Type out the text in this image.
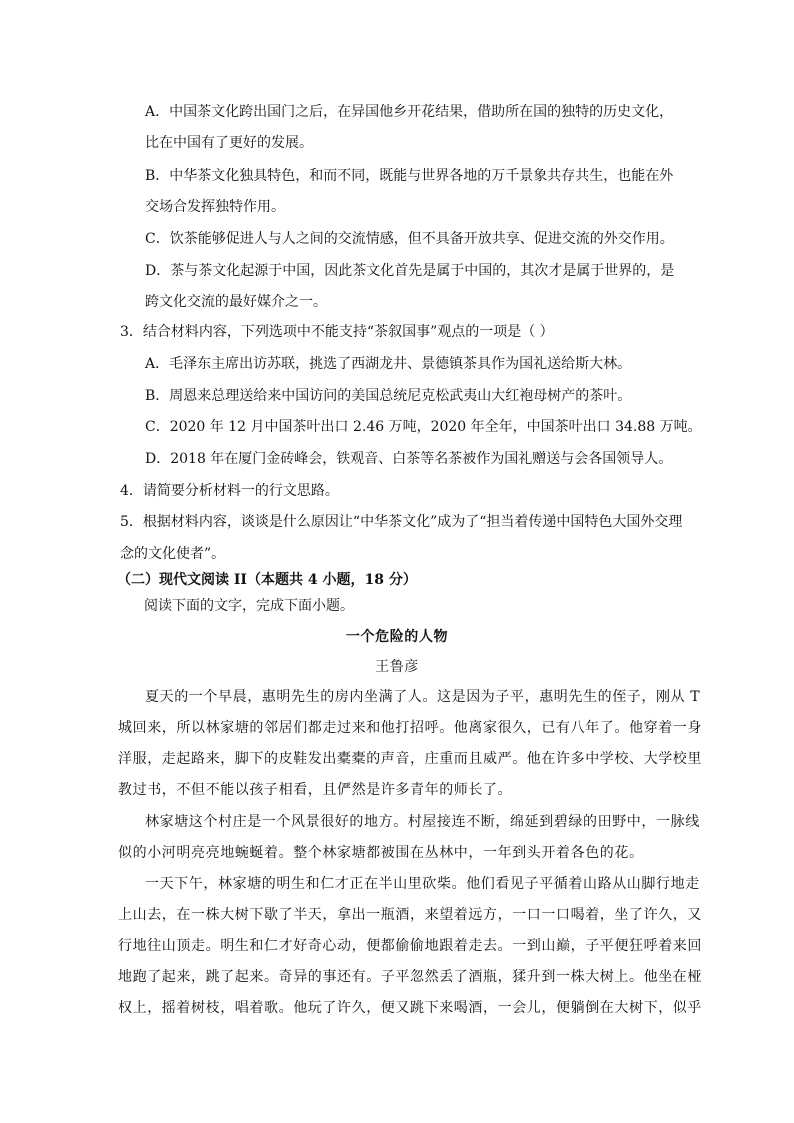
A．中国茶文化跨出国门之后，在异国他乡开花结果，借助所在国的独特的历史文化，
比在中国有了更好的发展。
B．中华茶文化独具特色，和而不同，既能与世界各地的万千景象共存共生，也能在外
交场合发挥独特作用。
C．饮茶能够促进人与人之间的交流情感，但不具备开放共享、促进交流的外交作用。
D．茶与茶文化起源于中国，因此茶文化首先是属于中国的，其次才是属于世界的，是
跨文化交流的最好媒介之一。
3．结合材料内容，下列选项中不能支持“茶叙国事”观点的一项是（ ）
A．毛泽东主席出访苏联，挑选了西湖龙井、景德镇茶具作为国礼送给斯大林。
B．周恩来总理送给来中国访问的美国总统尼克松武夷山大红袍母树产的茶叶。
C．2020 年 12 月中国茶叶出口 2.46 万吨，2020 年全年，中国茶叶出口 34.88 万吨。
D．2018 年在厦门金砖峰会，铁观音、白茶等名茶被作为国礼赠送与会各国领导人。
4．请简要分析材料一的行文思路。
5．根据材料内容，谈谈是什么原因让“中华茶文化”成为了“担当着传递中国特色大国外交理
念的文化使者”。
（二）现代文阅读 II（本题共 4 小题，18 分）
阅读下面的文字，完成下面小题。
一个危险的人物
王鲁彦
夏天的一个早晨，惠明先生的房内坐满了人。这是因为子平，惠明先生的侄子，刚从 T
城回来，所以林家塘的邻居们都走过来和他打招呼。他离家很久，已有八年了。他穿着一身
洋服，走起路来，脚下的皮鞋发出橐橐的声音，庄重而且威严。他在许多中学校、大学校里
教过书，不但不能以孩子相看，且俨然是许多青年的师长了。
林家塘这个村庄是一个风景很好的地方。村屋接连不断，绵延到碧绿的田野中，一脉线
似的小河明亮亮地蜿蜒着。整个林家塘都被围在丛林中，一年到头开着各色的花。
一天下午，林家塘的明生和仁才正在半山里砍柴。他们看见子平循着山路从山脚行地走
上山去，在一株大树下歇了半天，拿出一瓶酒，来望着远方，一口一口喝着，坐了许久，又
行地往山顶走。明生和仁才好奇心动，便都偷偷地跟着走去。一到山巅，子平便狂呼着来回
地跑了起来，跳了起来。奇异的事还有。子平忽然丢了酒瓶，猱升到一株大树上。他坐在桠
权上，摇着树枝，唱着歌。他玩了许久，便又跳下来喝酒，一会儿，便躺倒在大树下，似乎
